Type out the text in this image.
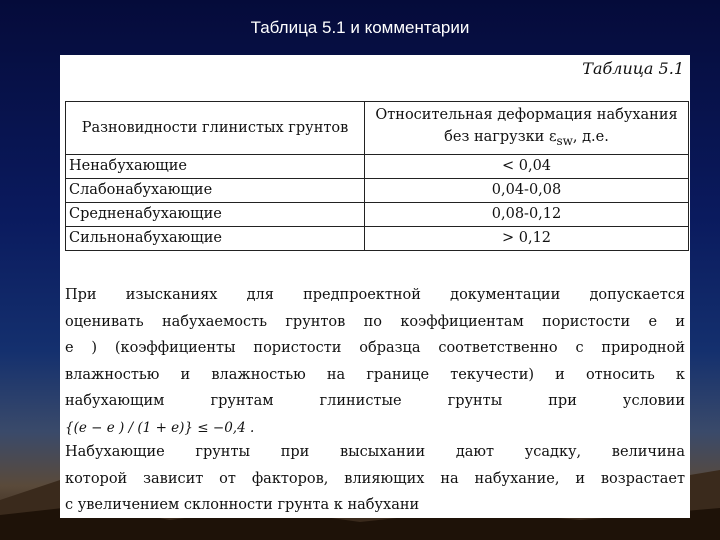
Таблица 5.1 и комментарии
Таблица 5.1
Разновидности глинистых грунтов	Относительная деформация набухания без нагрузки $\varepsilon_{sw}$, д.е.
Ненабухающие	< 0,04
Слабонабухающие	0,04-0,08
Средненабухающие	0,08-0,12
Сильнонабухающие	> 0,12
При изысканиях для предпроектной документации допускается
оценивать набухаемость грунтов по коэффициентам пористости e и
e ) (коэффициенты пористости образца соответственно с природной
влажностью и влажностью на границе текучести) и относить к
набухающим грунтам глинистые грунты при условии
{(e − e ) / (1 + e)} ≤ −0,4 .
Набухающие грунты при высыхании дают усадку, величина
которой зависит от факторов, влияющих на набухание, и возрастает
с увеличением склонности грунта к набухани
